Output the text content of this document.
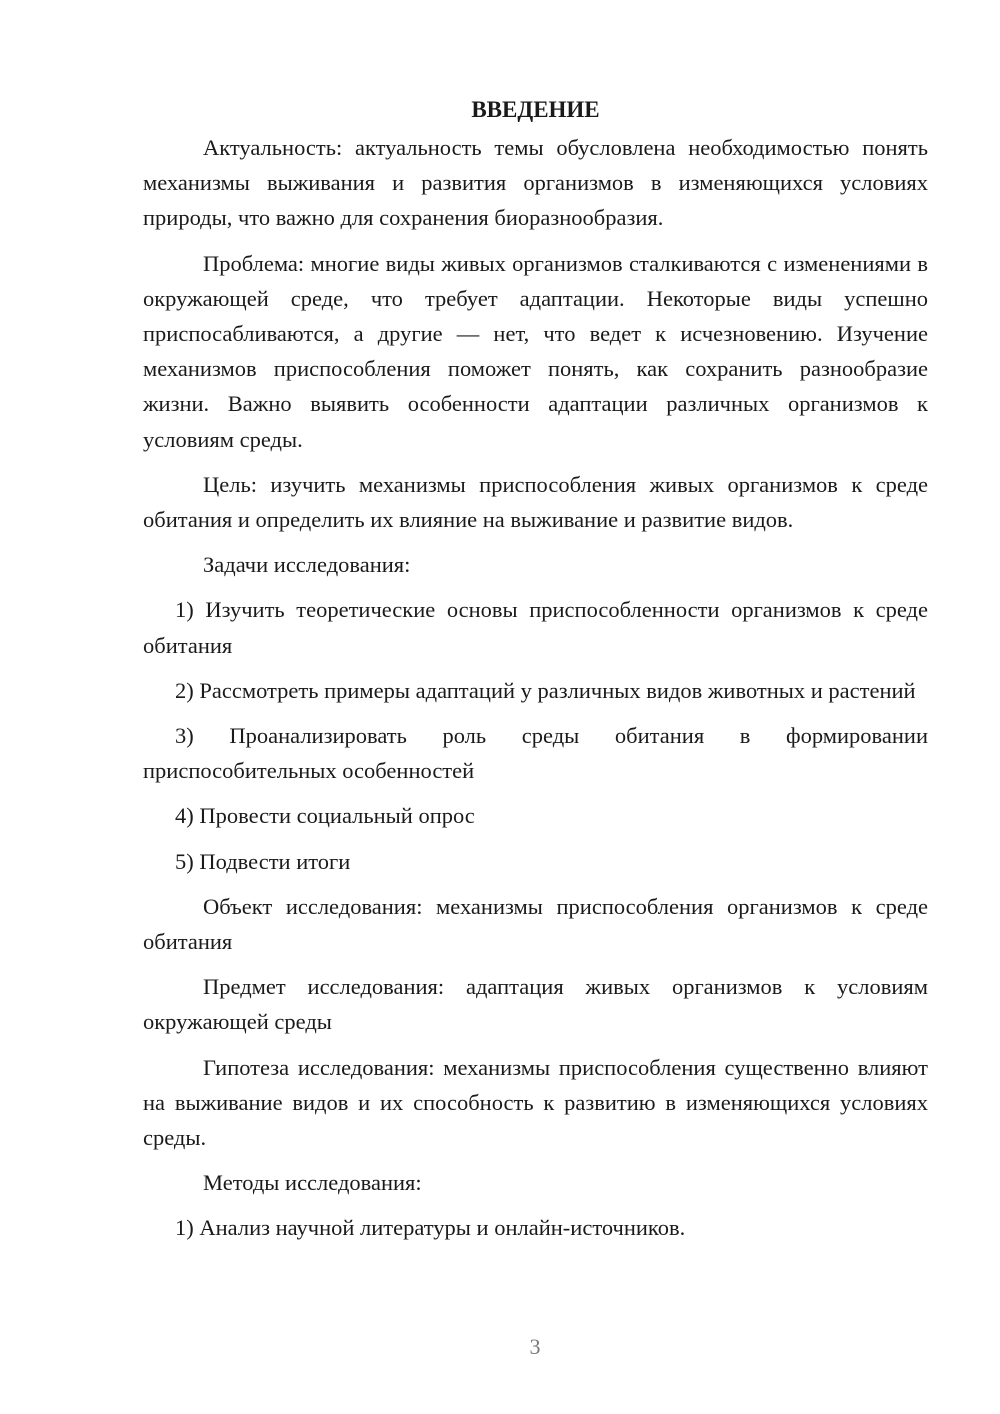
ВВЕДЕНИЕ

Актуальность: актуальность темы обусловлена необходимостью понять механизмы выживания и развития организмов в изменяющихся условиях природы, что важно для сохранения биоразнообразия.

Проблема: многие виды живых организмов сталкиваются с изменениями в окружающей среде, что требует адаптации. Некоторые виды успешно приспосабливаются, а другие — нет, что ведет к исчезновению. Изучение механизмов приспособления поможет понять, как сохранить разнообразие жизни. Важно выявить особенности адаптации различных организмов к условиям среды.

Цель: изучить механизмы приспособления живых организмов к среде обитания и определить их влияние на выживание и развитие видов.

Задачи исследования:

1) Изучить теоретические основы приспособленности организмов к среде обитания

2) Рассмотреть примеры адаптаций у различных видов животных и растений

3) Проанализировать роль среды обитания в формировании приспособительных особенностей

4) Провести социальный опрос

5) Подвести итоги

Объект исследования: механизмы приспособления организмов к среде обитания

Предмет исследования: адаптация живых организмов к условиям окружающей среды

Гипотеза исследования: механизмы приспособления существенно влияют на выживание видов и их способность к развитию в изменяющихся условиях среды.

Методы исследования:

1) Анализ научной литературы и онлайн-источников.

3
